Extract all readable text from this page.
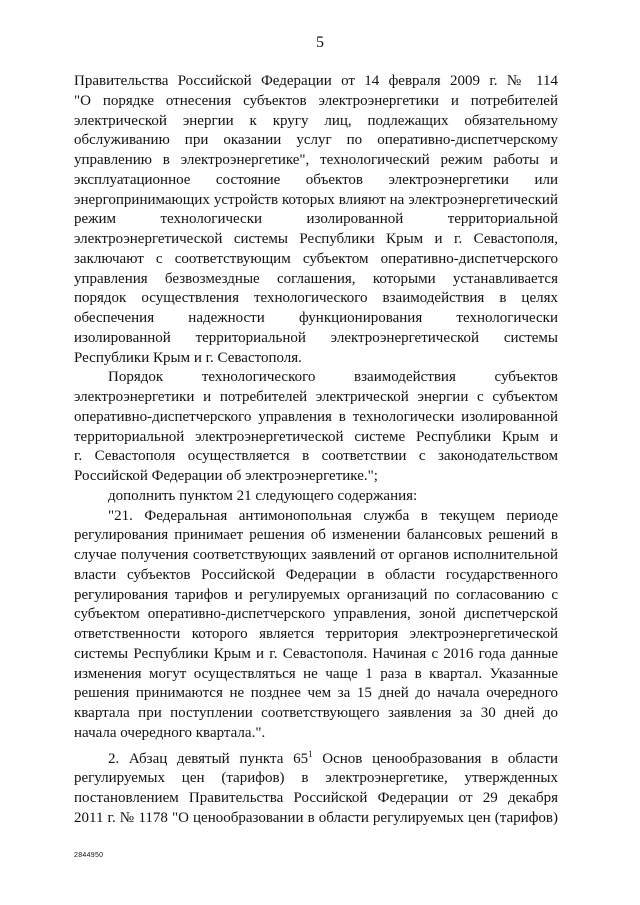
5
Правительства Российской Федерации от 14 февраля 2009 г. № 114
"О порядке отнесения субъектов электроэнергетики и потребителей
электрической энергии к кругу лиц, подлежащих обязательному
обслуживанию при оказании услуг по оперативно-диспетчерскому
управлению в электроэнергетике", технологический режим работы и
эксплуатационное состояние объектов электроэнергетики или
энергопринимающих устройств которых влияют на электроэнергетический
режим технологически изолированной территориальной
электроэнергетической системы Республики Крым и г. Севастополя,
заключают с соответствующим субъектом оперативно-диспетчерского
управления безвозмездные соглашения, которыми устанавливается
порядок осуществления технологического взаимодействия в целях
обеспечения надежности функционирования технологически
изолированной территориальной электроэнергетической системы
Республики Крым и г. Севастополя.
Порядок технологического взаимодействия субъектов
электроэнергетики и потребителей электрической энергии с субъектом
оперативно-диспетчерского управления в технологически изолированной
территориальной электроэнергетической системе Республики Крым и
г. Севастополя осуществляется в соответствии с законодательством
Российской Федерации об электроэнергетике.";
дополнить пунктом 21 следующего содержания:
"21. Федеральная антимонопольная служба в текущем периоде
регулирования принимает решения об изменении балансовых решений в
случае получения соответствующих заявлений от органов исполнительной
власти субъектов Российской Федерации в области государственного
регулирования тарифов и регулируемых организаций по согласованию с
субъектом оперативно-диспетчерского управления, зоной диспетчерской
ответственности которого является территория электроэнергетической
системы Республики Крым и г. Севастополя. Начиная с 2016 года данные
изменения могут осуществляться не чаще 1 раза в квартал. Указанные
решения принимаются не позднее чем за 15 дней до начала очередного
квартала при поступлении соответствующего заявления за 30 дней до
начала очередного квартала.".
2. Абзац девятый пункта $65^1$ Основ ценообразования в области
регулируемых цен (тарифов) в электроэнергетике, утвержденных
постановлением Правительства Российской Федерации от 29 декабря
2011 г. № 1178 "О ценообразовании в области регулируемых цен (тарифов)
2844950
